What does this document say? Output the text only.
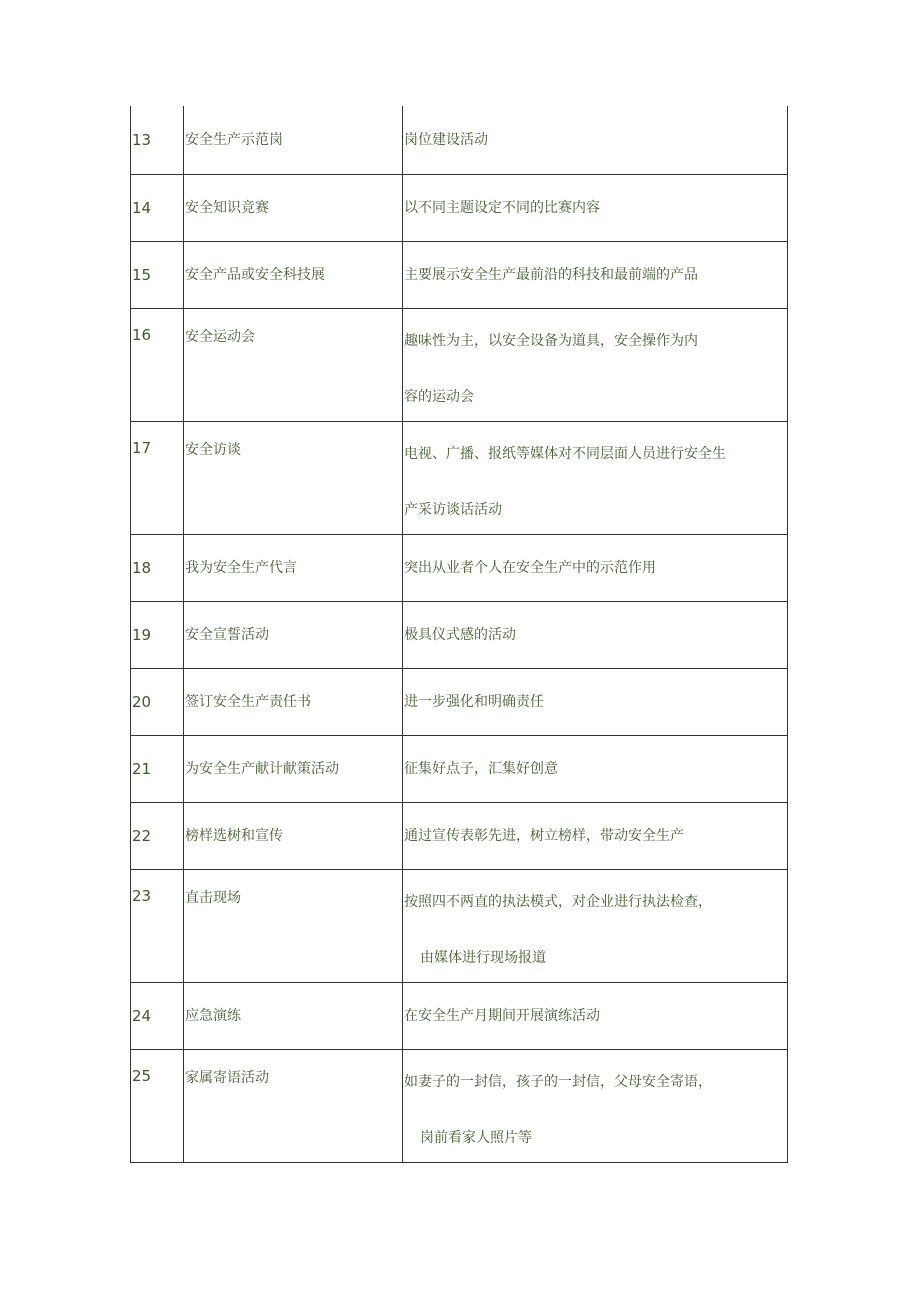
13	安全生产示范岗	岗位建设活动

14	安全知识竞赛	以不同主题设定不同的比赛内容

15	安全产品或安全科技展	主要展示安全生产最前沿的科技和最前端的产品

16	安全运动会	趣味性为主，以安全设备为道具，安全操作为内
容的运动会

17	安全访谈	电视、广播、报纸等媒体对不同层面人员进行安全生
产采访谈话活动

18	我为安全生产代言	突出从业者个人在安全生产中的示范作用

19	安全宣誓活动	极具仪式感的活动

20	签订安全生产责任书	进一步强化和明确责任

21	为安全生产献计献策活动	征集好点子，汇集好创意

22	榜样选树和宣传	通过宣传表彰先进，树立榜样，带动安全生产

23	直击现场	按照四不两直的执法模式，对企业进行执法检查，
由媒体进行现场报道

24	应急演练	在安全生产月期间开展演练活动

25	家属寄语活动	如妻子的一封信，孩子的一封信，父母安全寄语，
岗前看家人照片等
